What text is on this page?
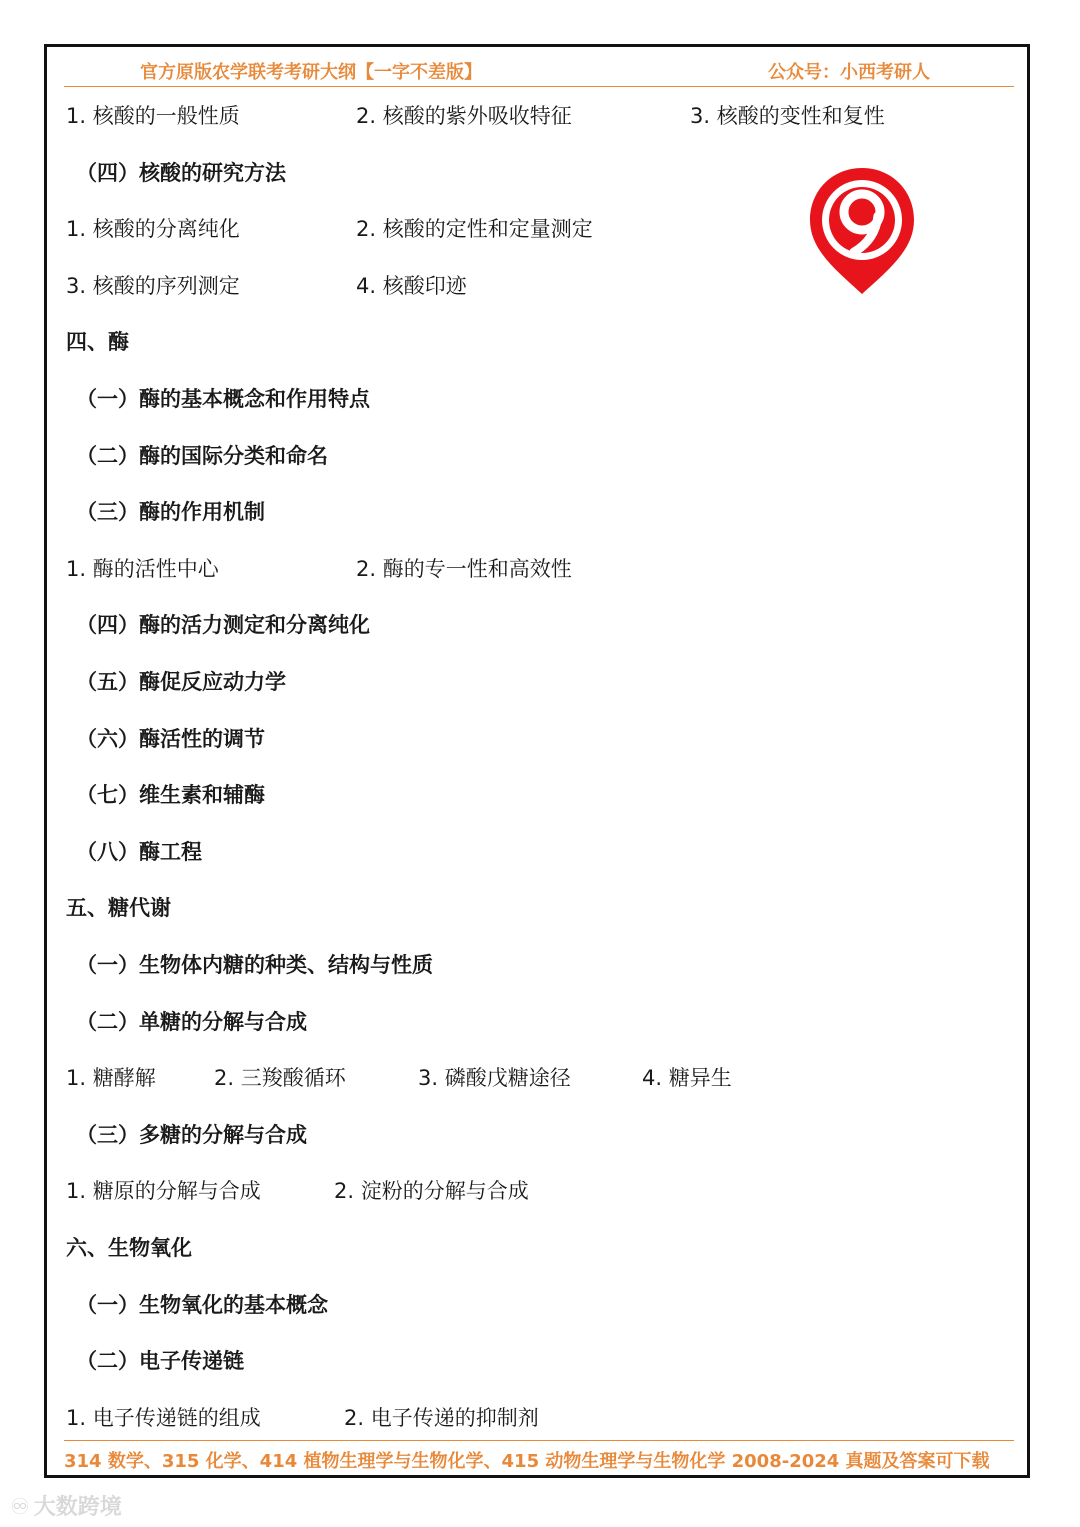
官方原版农学联考考研大纲【一字不差版】	公众号：小西考研人
1. 核酸的一般性质	2. 核酸的紫外吸收特征	3. 核酸的变性和复性
（四）核酸的研究方法
1. 核酸的分离纯化	2. 核酸的定性和定量测定
3. 核酸的序列测定	4. 核酸印迹
四、酶
（一）酶的基本概念和作用特点
（二）酶的国际分类和命名
（三）酶的作用机制
1. 酶的活性中心	2. 酶的专一性和高效性
（四）酶的活力测定和分离纯化
（五）酶促反应动力学
（六）酶活性的调节
（七）维生素和辅酶
（八）酶工程
五、糖代谢
（一）生物体内糖的种类、结构与性质
（二）单糖的分解与合成
1. 糖酵解	2. 三羧酸循环	3. 磷酸戊糖途径	4. 糖异生
（三）多糖的分解与合成
1. 糖原的分解与合成	2. 淀粉的分解与合成
六、生物氧化
（一）生物氧化的基本概念
（二）电子传递链
1. 电子传递链的组成	2. 电子传递的抑制剂
314 数学、315 化学、414 植物生理学与生物化学、415 动物生理学与生物化学 2008-2024 真题及答案可下载
♾ 大数跨境
